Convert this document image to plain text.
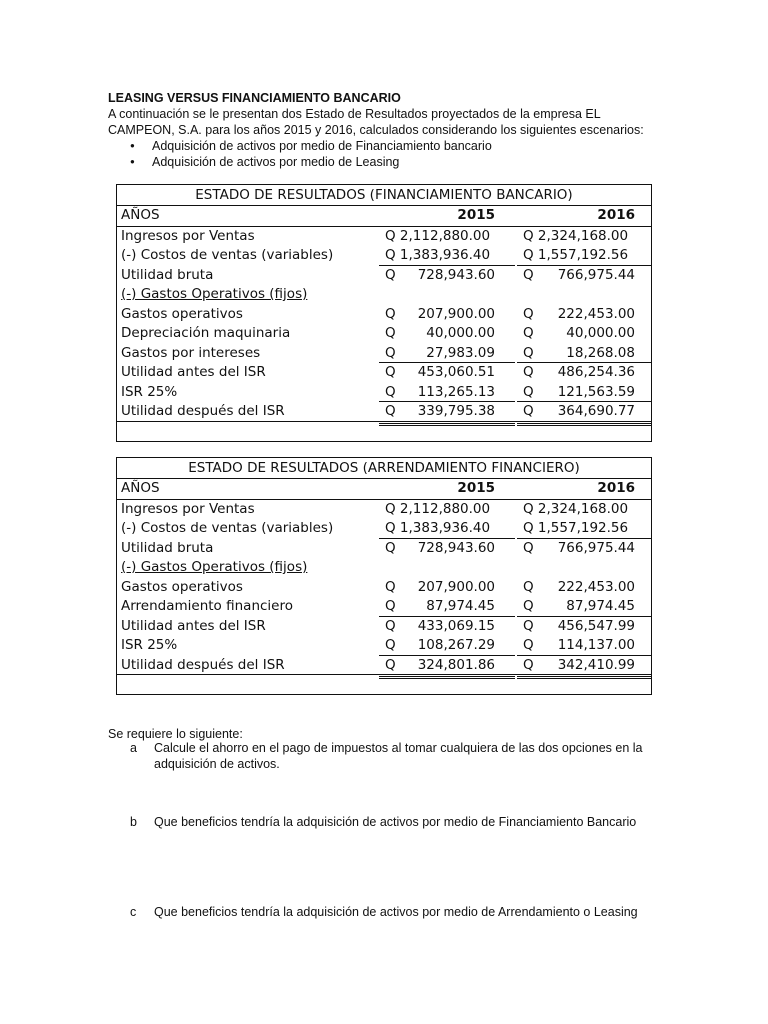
LEASING VERSUS FINANCIAMIENTO BANCARIO
A continuación se le presentan dos Estado de Resultados proyectados de la empresa EL
CAMPEON, S.A. para los años 2015 y 2016, calculados considerando los siguientes escenarios:
● Adquisición de activos por medio de Financiamiento bancario
● Adquisición de activos por medio de Leasing
ESTADO DE RESULTADOS (FINANCIAMIENTO BANCARIO)
AÑOS	2015	2016
Ingresos por Ventas	Q 2,112,880.00 Q 2,324,168.00
(-) Costos de ventas (variables)	Q 1,383,936.40 Q 1,557,192.56
Utilidad bruta	Q	728,943.60 Q	766,975.44
(-) Gastos Operativos (fijos)
Gastos operativos	Q	207,900.00 Q	222,453.00
Depreciación maquinaria	Q	40,000.00 Q	40,000.00
Gastos por intereses	Q	27,983.09 Q	18,268.08
Utilidad antes del ISR	Q	453,060.51 Q	486,254.36
ISR 25%	Q	113,265.13 Q	121,563.59
Utilidad después del ISR	Q	339,795.38 Q	364,690.77
ESTADO DE RESULTADOS (ARRENDAMIENTO FINANCIERO)
AÑOS	2015	2016
Ingresos por Ventas	Q 2,112,880.00 Q 2,324,168.00
(-) Costos de ventas (variables)	Q 1,383,936.40 Q 1,557,192.56
Utilidad bruta	Q	728,943.60 Q	766,975.44
(-) Gastos Operativos (fijos)
Gastos operativos	Q	207,900.00 Q	222,453.00
Arrendamiento financiero	Q	87,974.45 Q	87,974.45
Utilidad antes del ISR	Q	433,069.15 Q	456,547.99
ISR 25%	Q	108,267.29 Q	114,137.00
Utilidad después del ISR	Q	324,801.86 Q	342,410.99
Se requiere lo siguiente:
a Calcule el ahorro en el pago de impuestos al tomar cualquiera de las dos opciones en la adquisición de activos.
b Que beneficios tendría la adquisición de activos por medio de Financiamiento Bancario
c Que beneficios tendría la adquisición de activos por medio de Arrendamiento o Leasing
